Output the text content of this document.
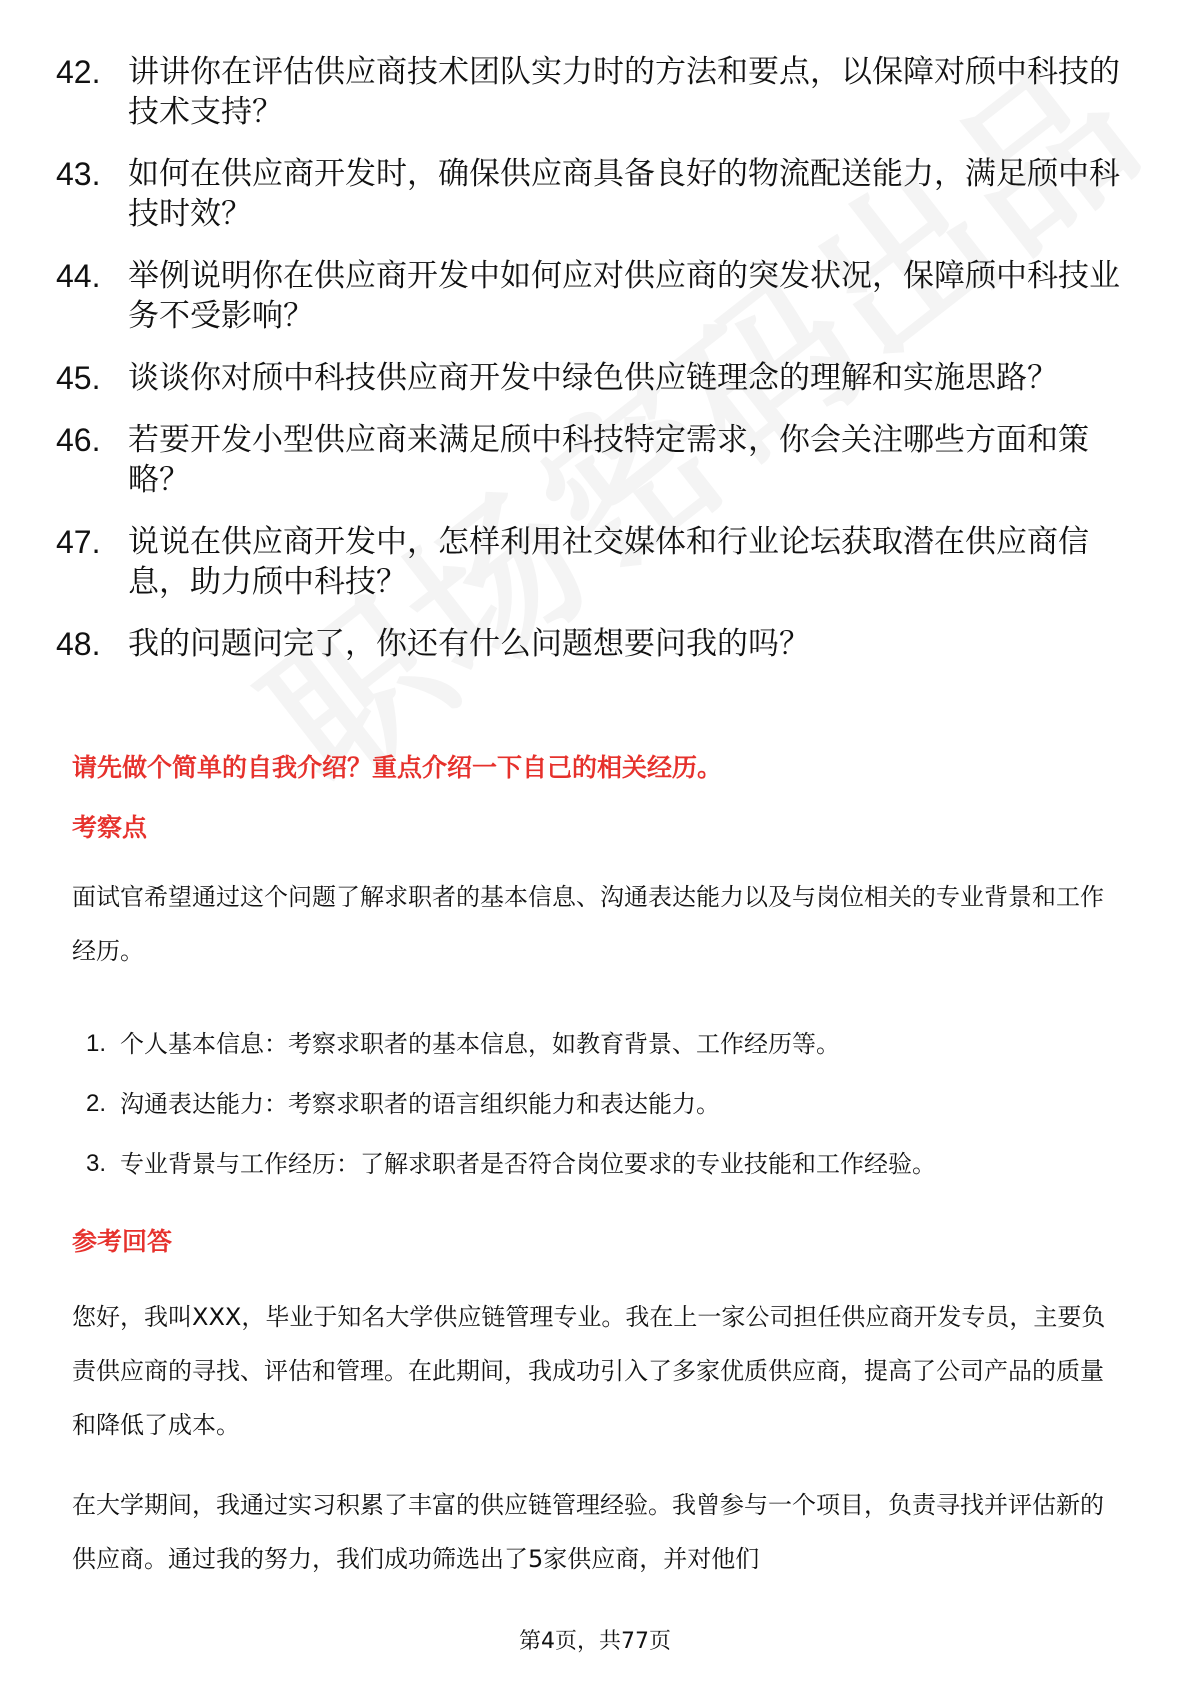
42. 讲讲你在评估供应商技术团队实力时的方法和要点，以保障对颀中科技的技术支持？
43. 如何在供应商开发时，确保供应商具备良好的物流配送能力，满足颀中科技时效？
44. 举例说明你在供应商开发中如何应对供应商的突发状况，保障颀中科技业务不受影响？
45. 谈谈你对颀中科技供应商开发中绿色供应链理念的理解和实施思路？
46. 若要开发小型供应商来满足颀中科技特定需求，你会关注哪些方面和策略？
47. 说说在供应商开发中，怎样利用社交媒体和行业论坛获取潜在供应商信息，助力颀中科技？
48. 我的问题问完了，你还有什么问题想要问我的吗？
请先做个简单的自我介绍？重点介绍一下自己的相关经历。
考察点

面试官希望通过这个问题了解求职者的基本信息、沟通表达能力以及与岗位相关的专业背景和工作经历。

1. 个人基本信息：考察求职者的基本信息，如教育背景、工作经历等。
2. 沟通表达能力：考察求职者的语言组织能力和表达能力。
3. 专业背景与工作经历：了解求职者是否符合岗位要求的专业技能和工作经验。
参考回答

您好，我叫XXX，毕业于知名大学供应链管理专业。我在上一家公司担任供应商开发专员，主要负责供应商的寻找、评估和管理。在此期间，我成功引入了多家优质供应商，提高了公司产品的质量和降低了成本。

在大学期间，我通过实习积累了丰富的供应链管理经验。我曾参与一个项目，负责寻找并评估新的供应商。通过我的努力，我们成功筛选出了5家供应商，并对他们

第4页，共77页
